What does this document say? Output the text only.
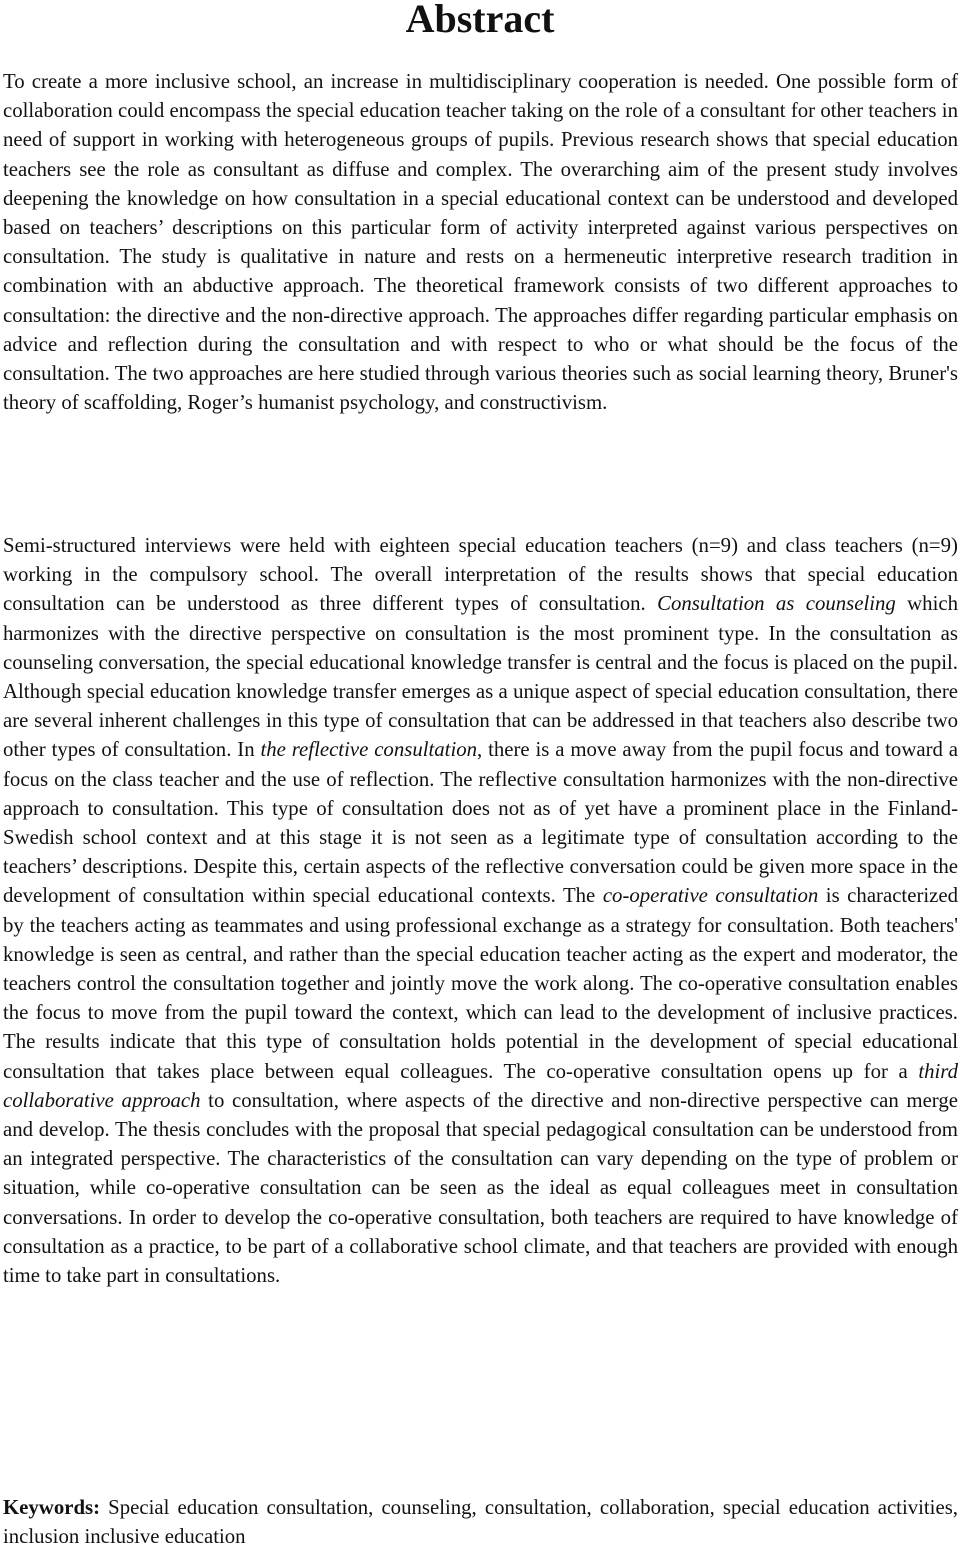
Abstract

To create a more inclusive school, an increase in multidisciplinary cooperation is needed. One possible form of collaboration could encompass the special education teacher taking on the role of a consultant for other teachers in need of support in working with heterogeneous groups of pupils. Previous research shows that special education teachers see the role as consultant as diffuse and complex. The overarching aim of the present study involves deepening the knowledge on how consultation in a special educational context can be understood and developed based on teachers’ descriptions on this particular form of activity interpreted against various perspectives on consultation. The study is qualitative in nature and rests on a hermeneutic interpretive research tradition in combination with an abductive approach. The theoretical framework consists of two different approaches to consultation: the directive and the non-directive approach. The approaches differ regarding particular emphasis on advice and reflection during the consultation and with respect to who or what should be the focus of the consultation. The two approaches are here studied through various theories such as social learning theory, Bruner's theory of scaffolding, Roger’s humanist psychology, and constructivism.

Semi-structured interviews were held with eighteen special education teachers (n=9) and class teachers (n=9) working in the compulsory school. The overall interpretation of the results shows that special education consultation can be understood as three different types of consultation. Consultation as counseling which harmonizes with the directive perspective on consultation is the most prominent type. In the consultation as counseling conversation, the special educational knowledge transfer is central and the focus is placed on the pupil. Although special education knowledge transfer emerges as a unique aspect of special education consultation, there are several inherent challenges in this type of consultation that can be addressed in that teachers also describe two other types of consultation. In the reflective consultation, there is a move away from the pupil focus and toward a focus on the class teacher and the use of reflection. The reflective consultation harmonizes with the non-directive approach to consultation. This type of consultation does not as of yet have a prominent place in the Finland-Swedish school context and at this stage it is not seen as a legitimate type of consultation according to the teachers’ descriptions. Despite this, certain aspects of the reflective conversation could be given more space in the development of consultation within special educational contexts. The co-operative consultation is characterized by the teachers acting as teammates and using professional exchange as a strategy for consultation. Both teachers' knowledge is seen as central, and rather than the special education teacher acting as the expert and moderator, the teachers control the consultation together and jointly move the work along. The co-operative consultation enables the focus to move from the pupil toward the context, which can lead to the development of inclusive practices. The results indicate that this type of consultation holds potential in the development of special educational consultation that takes place between equal colleagues. The co-operative consultation opens up for a third collaborative approach to consultation, where aspects of the directive and non-directive perspective can merge and develop. The thesis concludes with the proposal that special pedagogical consultation can be understood from an integrated perspective. The characteristics of the consultation can vary depending on the type of problem or situation, while co-operative consultation can be seen as the ideal as equal colleagues meet in consultation conversations. In order to develop the co-operative consultation, both teachers are required to have knowledge of consultation as a practice, to be part of a collaborative school climate, and that teachers are provided with enough time to take part in consultations.

Keywords: Special education consultation, counseling, consultation, collaboration, special education activities, inclusion inclusive education
